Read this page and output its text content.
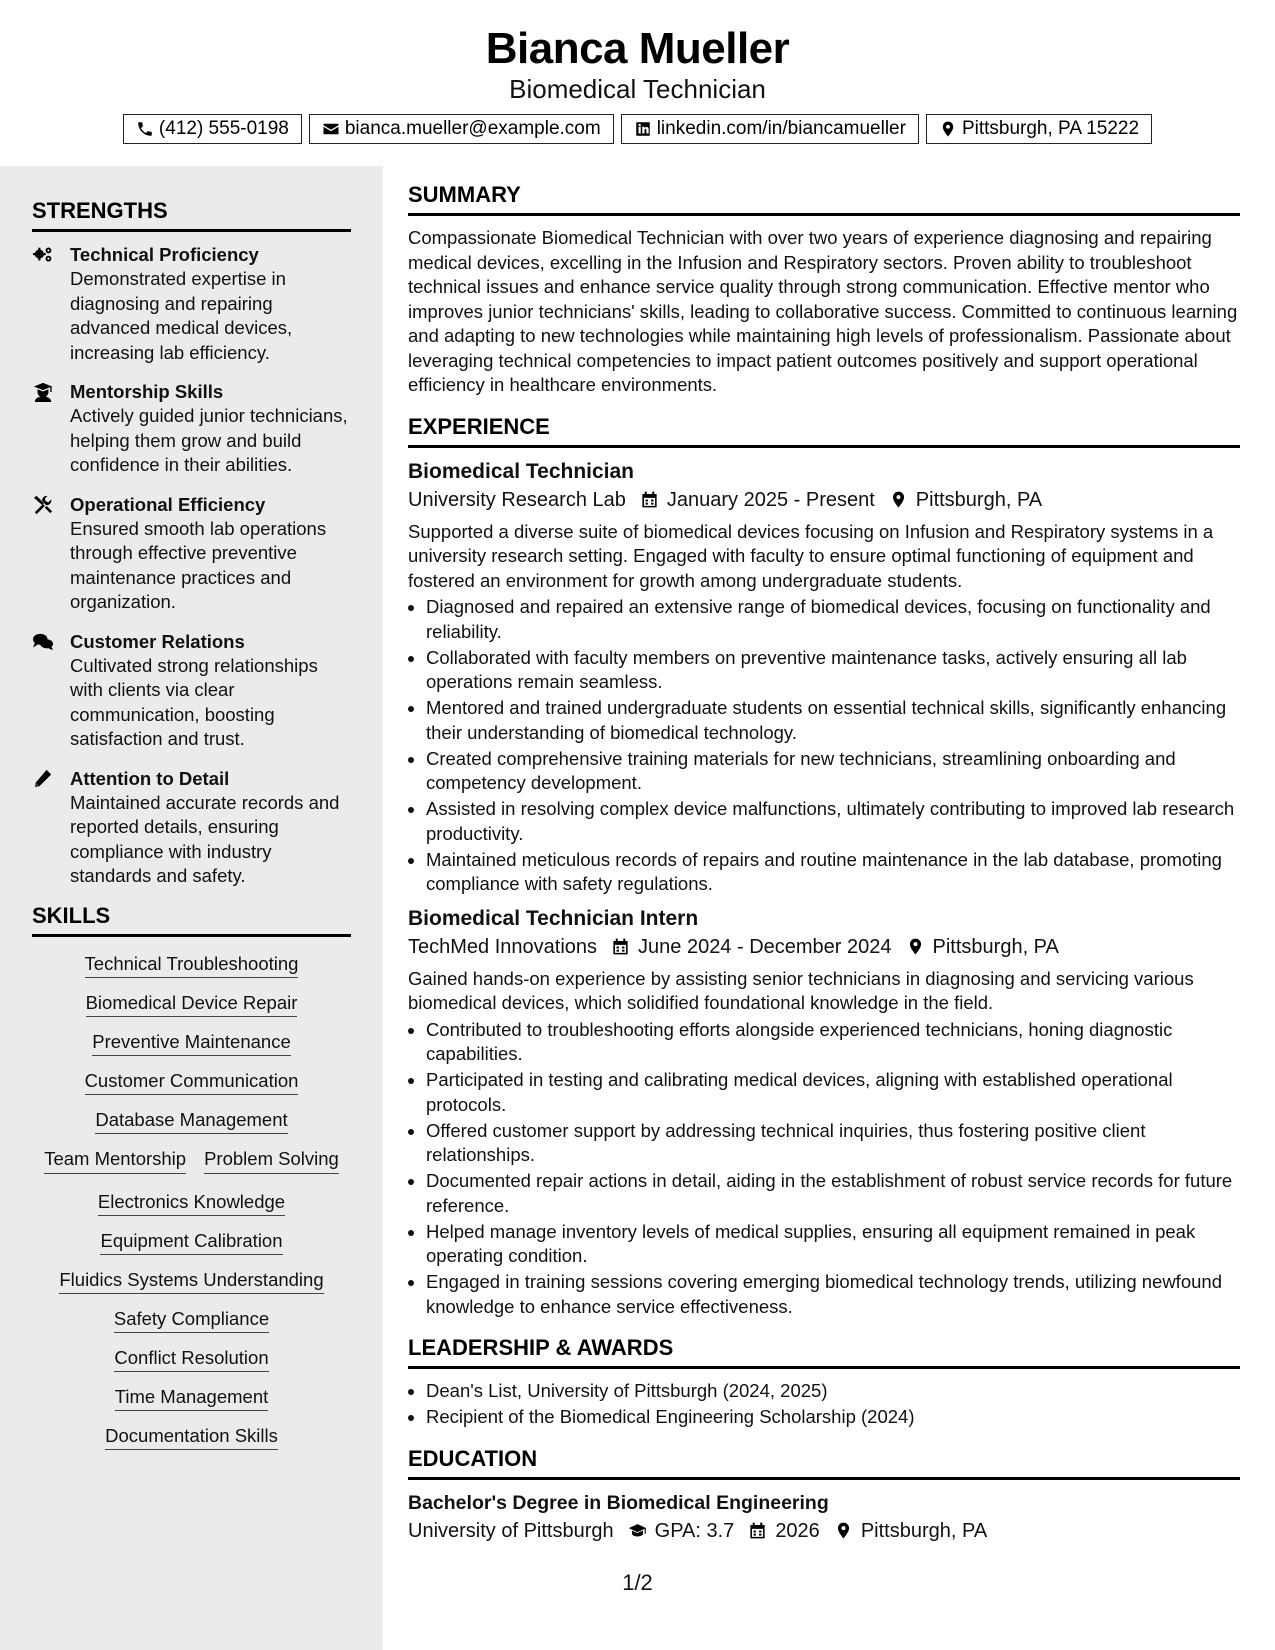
Bianca Mueller
Biomedical Technician
(412) 555-0198	bianca.mueller@example.com	linkedin.com/in/biancamueller	Pittsburgh, PA 15222
STRENGTHS
Technical Proficiency
Demonstrated expertise in diagnosing and repairing advanced medical devices, increasing lab efficiency.
Mentorship Skills
Actively guided junior technicians, helping them grow and build confidence in their abilities.
Operational Efficiency
Ensured smooth lab operations through effective preventive maintenance practices and organization.
Customer Relations
Cultivated strong relationships with clients via clear communication, boosting satisfaction and trust.
Attention to Detail
Maintained accurate records and reported details, ensuring compliance with industry standards and safety.
SKILLS
Technical Troubleshooting
Biomedical Device Repair
Preventive Maintenance
Customer Communication
Database Management
Team Mentorship Problem Solving
Electronics Knowledge
Equipment Calibration
Fluidics Systems Understanding
Safety Compliance
Conflict Resolution
Time Management
Documentation Skills
SUMMARY

Compassionate Biomedical Technician with over two years of experience diagnosing and repairing medical devices, excelling in the Infusion and Respiratory sectors. Proven ability to troubleshoot technical issues and enhance service quality through strong communication. Effective mentor who improves junior technicians' skills, leading to collaborative success. Committed to continuous learning and adapting to new technologies while maintaining high levels of professionalism. Passionate about leveraging technical competencies to impact patient outcomes positively and support operational efficiency in healthcare environments.

EXPERIENCE
Biomedical Technician
University Research Lab January 2025 - Present Pittsburgh, PA

Supported a diverse suite of biomedical devices focusing on Infusion and Respiratory systems in a university research setting. Engaged with faculty to ensure optimal functioning of equipment and fostered an environment for growth among undergraduate students.

• Diagnosed and repaired an extensive range of biomedical devices, focusing on functionality and reliability.
• Collaborated with faculty members on preventive maintenance tasks, actively ensuring all lab operations remain seamless.
• Mentored and trained undergraduate students on essential technical skills, significantly enhancing their understanding of biomedical technology.
• Created comprehensive training materials for new technicians, streamlining onboarding and competency development.
• Assisted in resolving complex device malfunctions, ultimately contributing to improved lab research productivity.
• Maintained meticulous records of repairs and routine maintenance in the lab database, promoting compliance with safety regulations.
Biomedical Technician Intern
TechMed Innovations June 2024 - December 2024 Pittsburgh, PA

Gained hands-on experience by assisting senior technicians in diagnosing and servicing various biomedical devices, which solidified foundational knowledge in the field.

• Contributed to troubleshooting efforts alongside experienced technicians, honing diagnostic capabilities.
• Participated in testing and calibrating medical devices, aligning with established operational protocols.
• Offered customer support by addressing technical inquiries, thus fostering positive client relationships.
• Documented repair actions in detail, aiding in the establishment of robust service records for future reference.
• Helped manage inventory levels of medical supplies, ensuring all equipment remained in peak operating condition.
• Engaged in training sessions covering emerging biomedical technology trends, utilizing newfound knowledge to enhance service effectiveness.
LEADERSHIP & AWARDS
• Dean's List, University of Pittsburgh (2024, 2025)
• Recipient of the Biomedical Engineering Scholarship (2024)
EDUCATION
Bachelor's Degree in Biomedical Engineering
University of Pittsburgh GPA: 3.7 2026 Pittsburgh, PA
1/2
